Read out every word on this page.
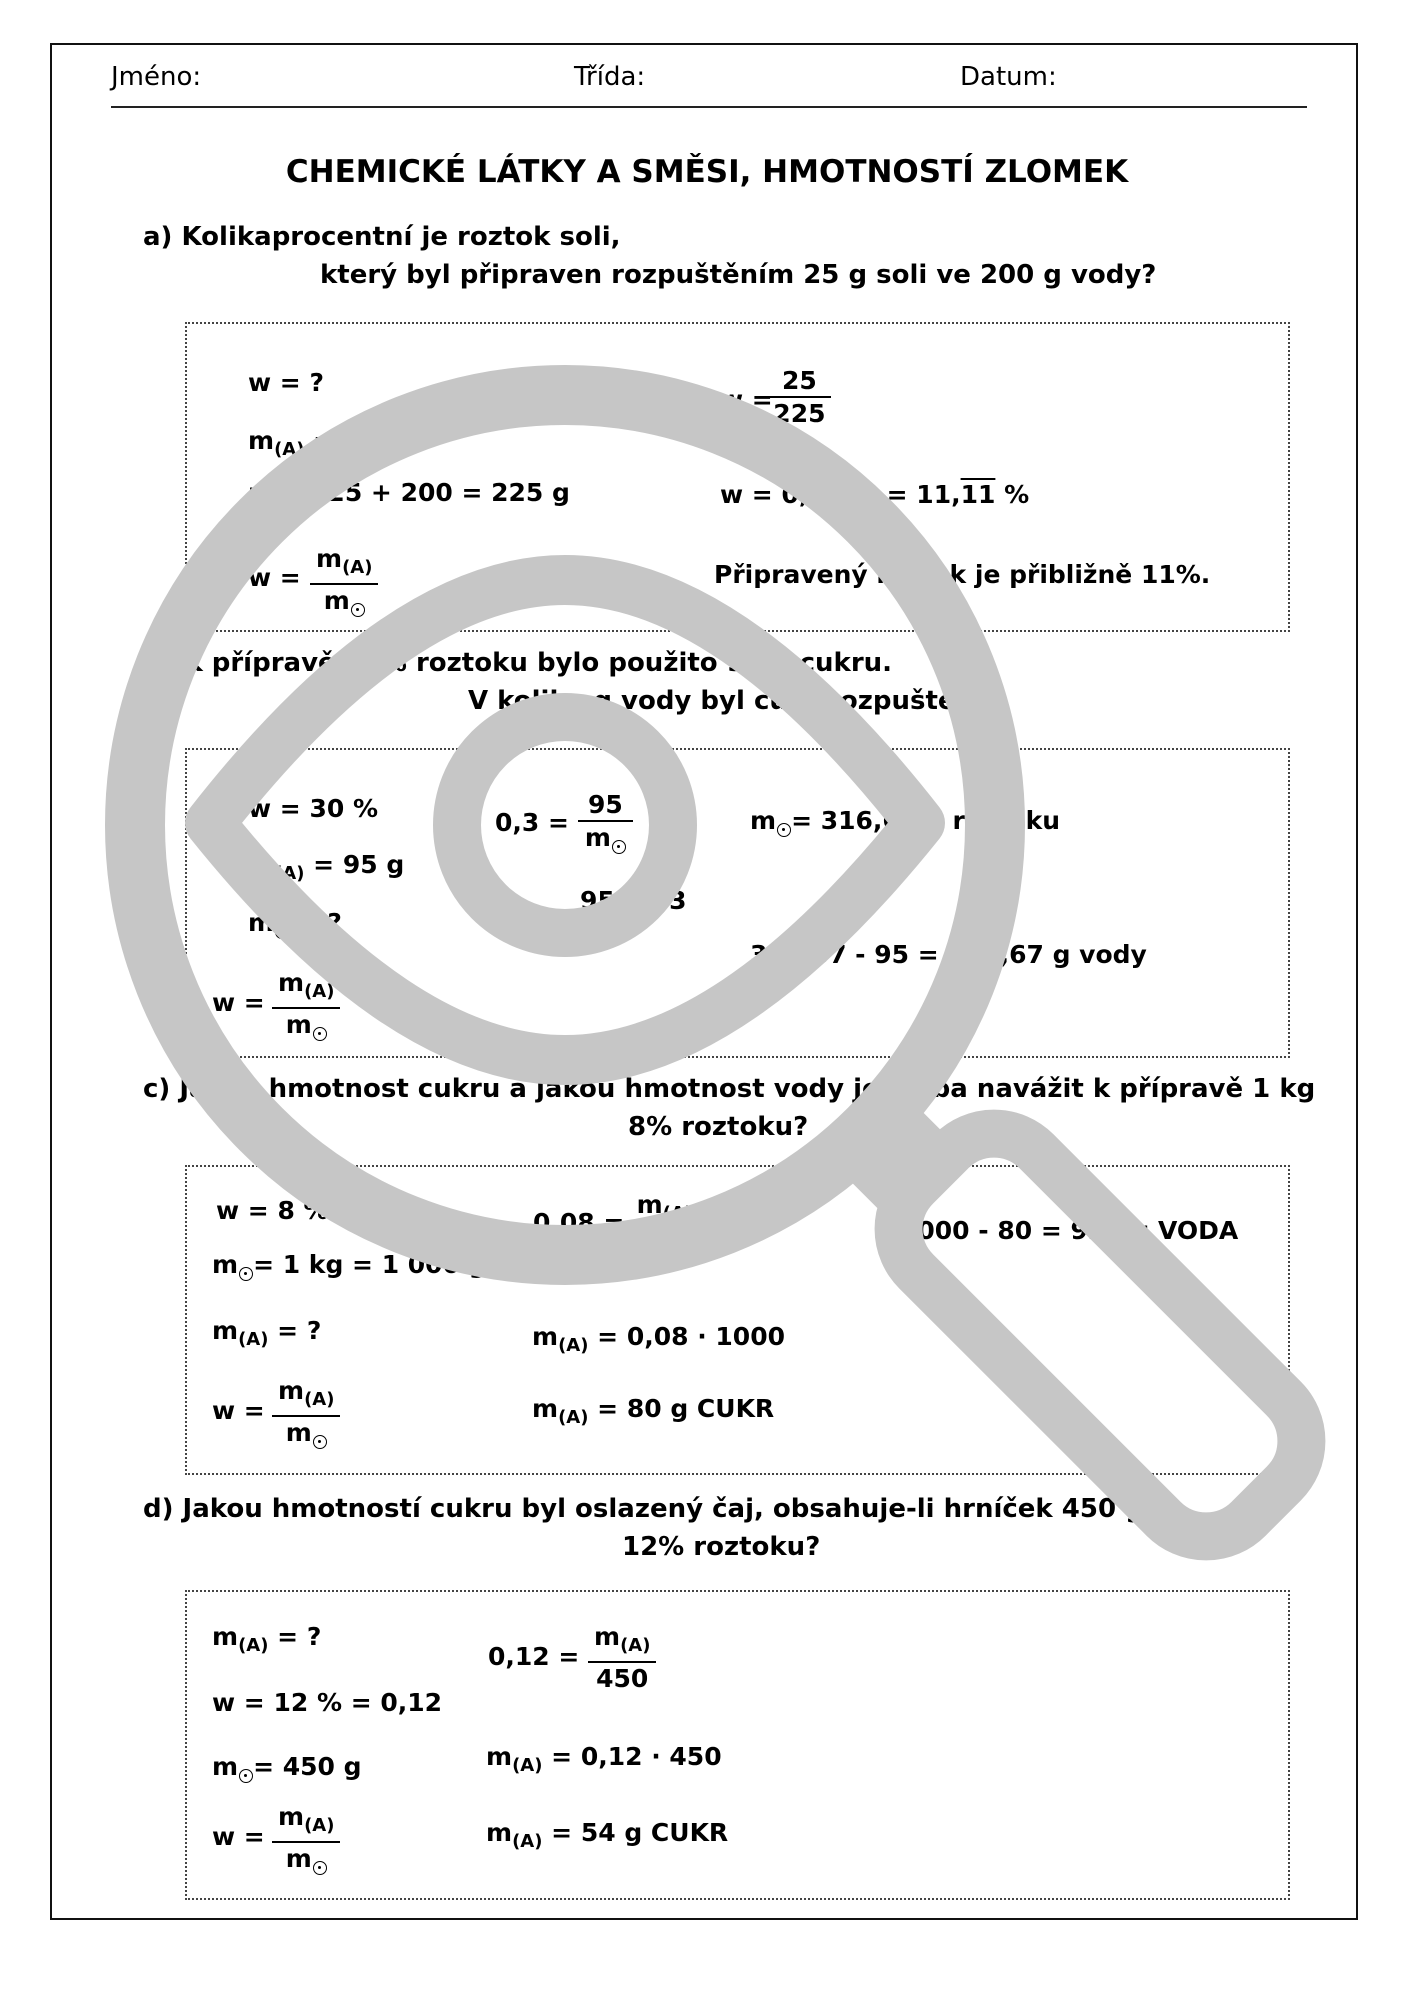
Jméno:	Třída:	Datum:
CHEMICKÉ LÁTKY A SMĚSI, HMOTNOSTÍ ZLOMEK
a) Kolikaprocentní je roztok soli,
který byl připraven rozpuštěním 25 g soli ve 200 g vody?
w = ?
$m_{(A)} = 25$ g
m = 25 + 200 = 225 g
$w = \frac{m_{(A)}}{m}$
w =
$\frac{25}{225}$
w = 0,1111 = 11,11 %
Připravený roztok je přibližně 11%.
b) K přípravě 30% roztoku bylo použito 95 g cukru.
V kolika g vody byl cukr rozpuštěn?
w = 30 %
$m_{(A)} = 95$ g
m = ?
$w = \frac{m_{(A)}}{m}$
$0,3 = \frac{95}{m}$
95 : 0,3
m = 316,67 g roztoku
316,67 - 95 = 221,67 g vody
c) Jakou hmotnost cukru a jakou hmotnost vody je třeba navážit k přípravě 1 kg
8% roztoku?
w = 8 % = 0,08
m = 1 kg = 1 000 g
$m_{(A)}$ = ?
$w = \frac{m_{(A)}}{m}$
$0,08 = \frac{m_{(A)}}{1000}$
$m_{(A)} = 0,08 \cdot 1000$
$m_{(A)} = 80$ g CUKR
1000 - 80 = 920 g VODA
d) Jakou hmotností cukru byl oslazený čaj, obsahuje-li hrníček 450 g
12% roztoku?
$m_{(A)}$ = ?
w = 12 % = 0,12
m = 450 g
$w = \frac{m_{(A)}}{m}$
$0,12 = \frac{m_{(A)}}{450}$
$m_{(A)} = 0,12 \cdot 450$
$m_{(A)} = 54$ g CUKR
